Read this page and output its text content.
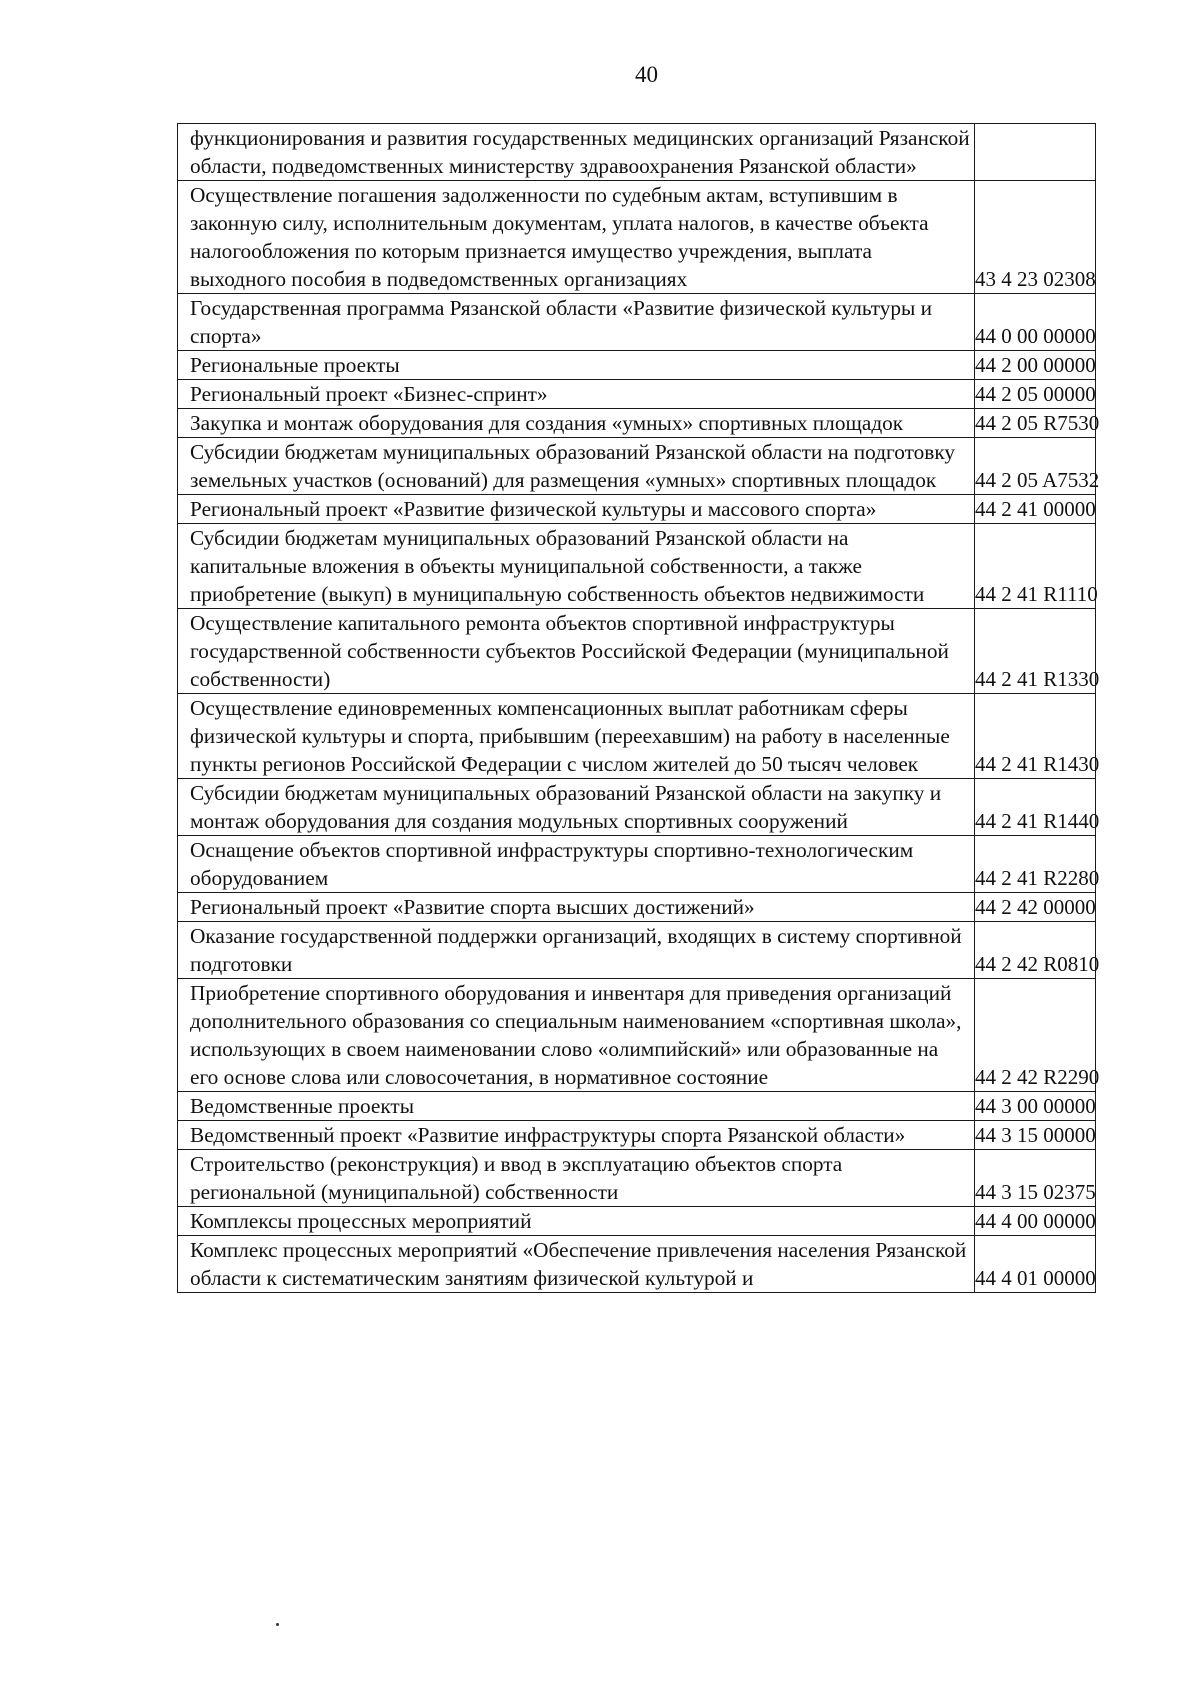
40
функционирования и развития государственных медицинских организаций Рязанской области, подведомственных министерству здравоохранения Рязанской области»	
Осуществление погашения задолженности по судебным актам, вступившим в законную силу, исполнительным документам, уплата налогов, в качестве объекта налогообложения по которым признается имущество учреждения, выплата выходного пособия в подведомственных организациях	43 4 23 02308
Государственная программа Рязанской области «Развитие физической культуры и спорта»	44 0 00 00000
Региональные проекты	44 2 00 00000
Региональный проект «Бизнес-спринт»	44 2 05 00000
Закупка и монтаж оборудования для создания «умных» спортивных площадок	44 2 05 R7530
Субсидии бюджетам муниципальных образований Рязанской области на подготовку земельных участков (оснований) для размещения «умных» спортивных площадок	44 2 05 A7532
Региональный проект «Развитие физической культуры и массового спорта»	44 2 41 00000
Субсидии бюджетам муниципальных образований Рязанской области на капитальные вложения в объекты муниципальной собственности, а также приобретение (выкуп) в муниципальную собственность объектов недвижимости	44 2 41 R1110
Осуществление капитального ремонта объектов спортивной инфраструктуры государственной собственности субъектов Российской Федерации (муниципальной собственности)	44 2 41 R1330
Осуществление единовременных компенсационных выплат работникам сферы физической культуры и спорта, прибывшим (переехавшим) на работу в населенные пункты регионов Российской Федерации с числом жителей до 50 тысяч человек	44 2 41 R1430
Субсидии бюджетам муниципальных образований Рязанской области на закупку и монтаж оборудования для создания модульных спортивных сооружений	44 2 41 R1440
Оснащение объектов спортивной инфраструктуры спортивно-технологическим оборудованием	44 2 41 R2280
Региональный проект «Развитие спорта высших достижений»	44 2 42 00000
Оказание государственной поддержки организаций, входящих в систему спортивной подготовки	44 2 42 R0810
Приобретение спортивного оборудования и инвентаря для приведения организаций дополнительного образования со специальным наименованием «спортивная школа», использующих в своем наименовании слово «олимпийский» или образованные на его основе слова или словосочетания, в нормативное состояние	44 2 42 R2290
Ведомственные проекты	44 3 00 00000
Ведомственный проект «Развитие инфраструктуры спорта Рязанской области»	44 3 15 00000
Строительство (реконструкция) и ввод в эксплуатацию объектов спорта региональной (муниципальной) собственности	44 3 15 02375
Комплексы процессных мероприятий	44 4 00 00000
Комплекс процессных мероприятий «Обеспечение привлечения населения Рязанской области к систематическим занятиям физической культурой и	44 4 01 00000
